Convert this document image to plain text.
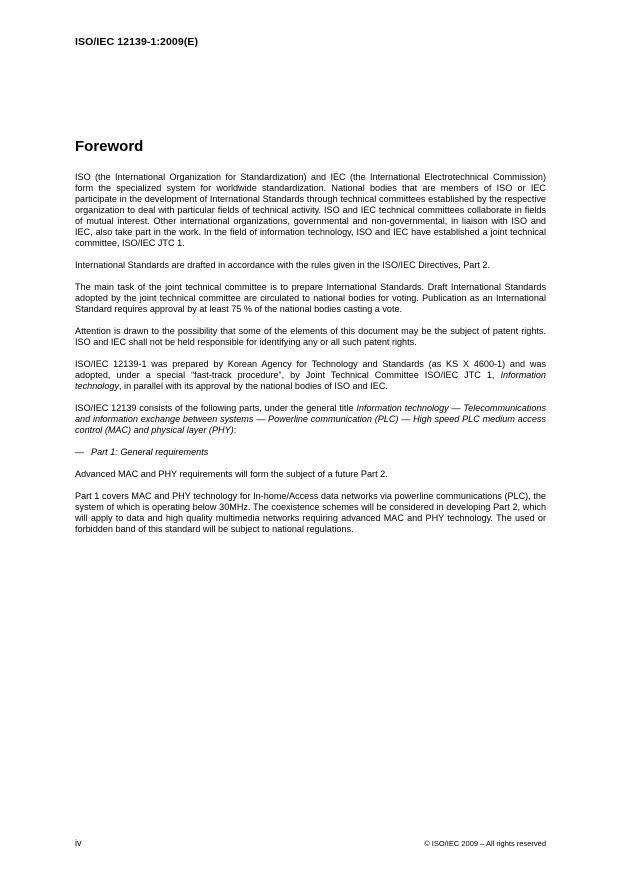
ISO/IEC 12139-1:2009(E)
Foreword

ISO (the International Organization for Standardization) and IEC (the International Electrotechnical Commission) form the specialized system for worldwide standardization. National bodies that are members of ISO or IEC participate in the development of International Standards through technical committees established by the respective organization to deal with particular fields of technical activity. ISO and IEC technical committees collaborate in fields of mutual interest. Other international organizations, governmental and non-governmental, in liaison with ISO and IEC, also take part in the work. In the field of information technology, ISO and IEC have established a joint technical committee, ISO/IEC JTC 1.

International Standards are drafted in accordance with the rules given in the ISO/IEC Directives, Part 2.

The main task of the joint technical committee is to prepare International Standards. Draft International Standards adopted by the joint technical committee are circulated to national bodies for voting. Publication as an International Standard requires approval by at least 75 % of the national bodies casting a vote.

Attention is drawn to the possibility that some of the elements of this document may be the subject of patent rights. ISO and IEC shall not be held responsible for identifying any or all such patent rights.

ISO/IEC 12139-1 was prepared by Korean Agency for Technology and Standards (as KS X 4600-1) and was adopted, under a special “fast-track procedure”, by Joint Technical Committee ISO/IEC JTC 1, Information technology, in parallel with its approval by the national bodies of ISO and IEC.

ISO/IEC 12139 consists of the following parts, under the general title Information technology — Telecommunications and information exchange between systems — Powerline communication (PLC) — High speed PLC medium access control (MAC) and physical layer (PHY):

— Part 1: General requirements

Advanced MAC and PHY requirements will form the subject of a future Part 2.

Part 1 covers MAC and PHY technology for In-home/Access data networks via powerline communications (PLC), the system of which is operating below 30MHz. The coexistence schemes will be considered in developing Part 2, which will apply to data and high quality multimedia networks requiring advanced MAC and PHY technology. The used or forbidden band of this standard will be subject to national regulations.

iv	© ISO/IEC 2009 – All rights reserved
